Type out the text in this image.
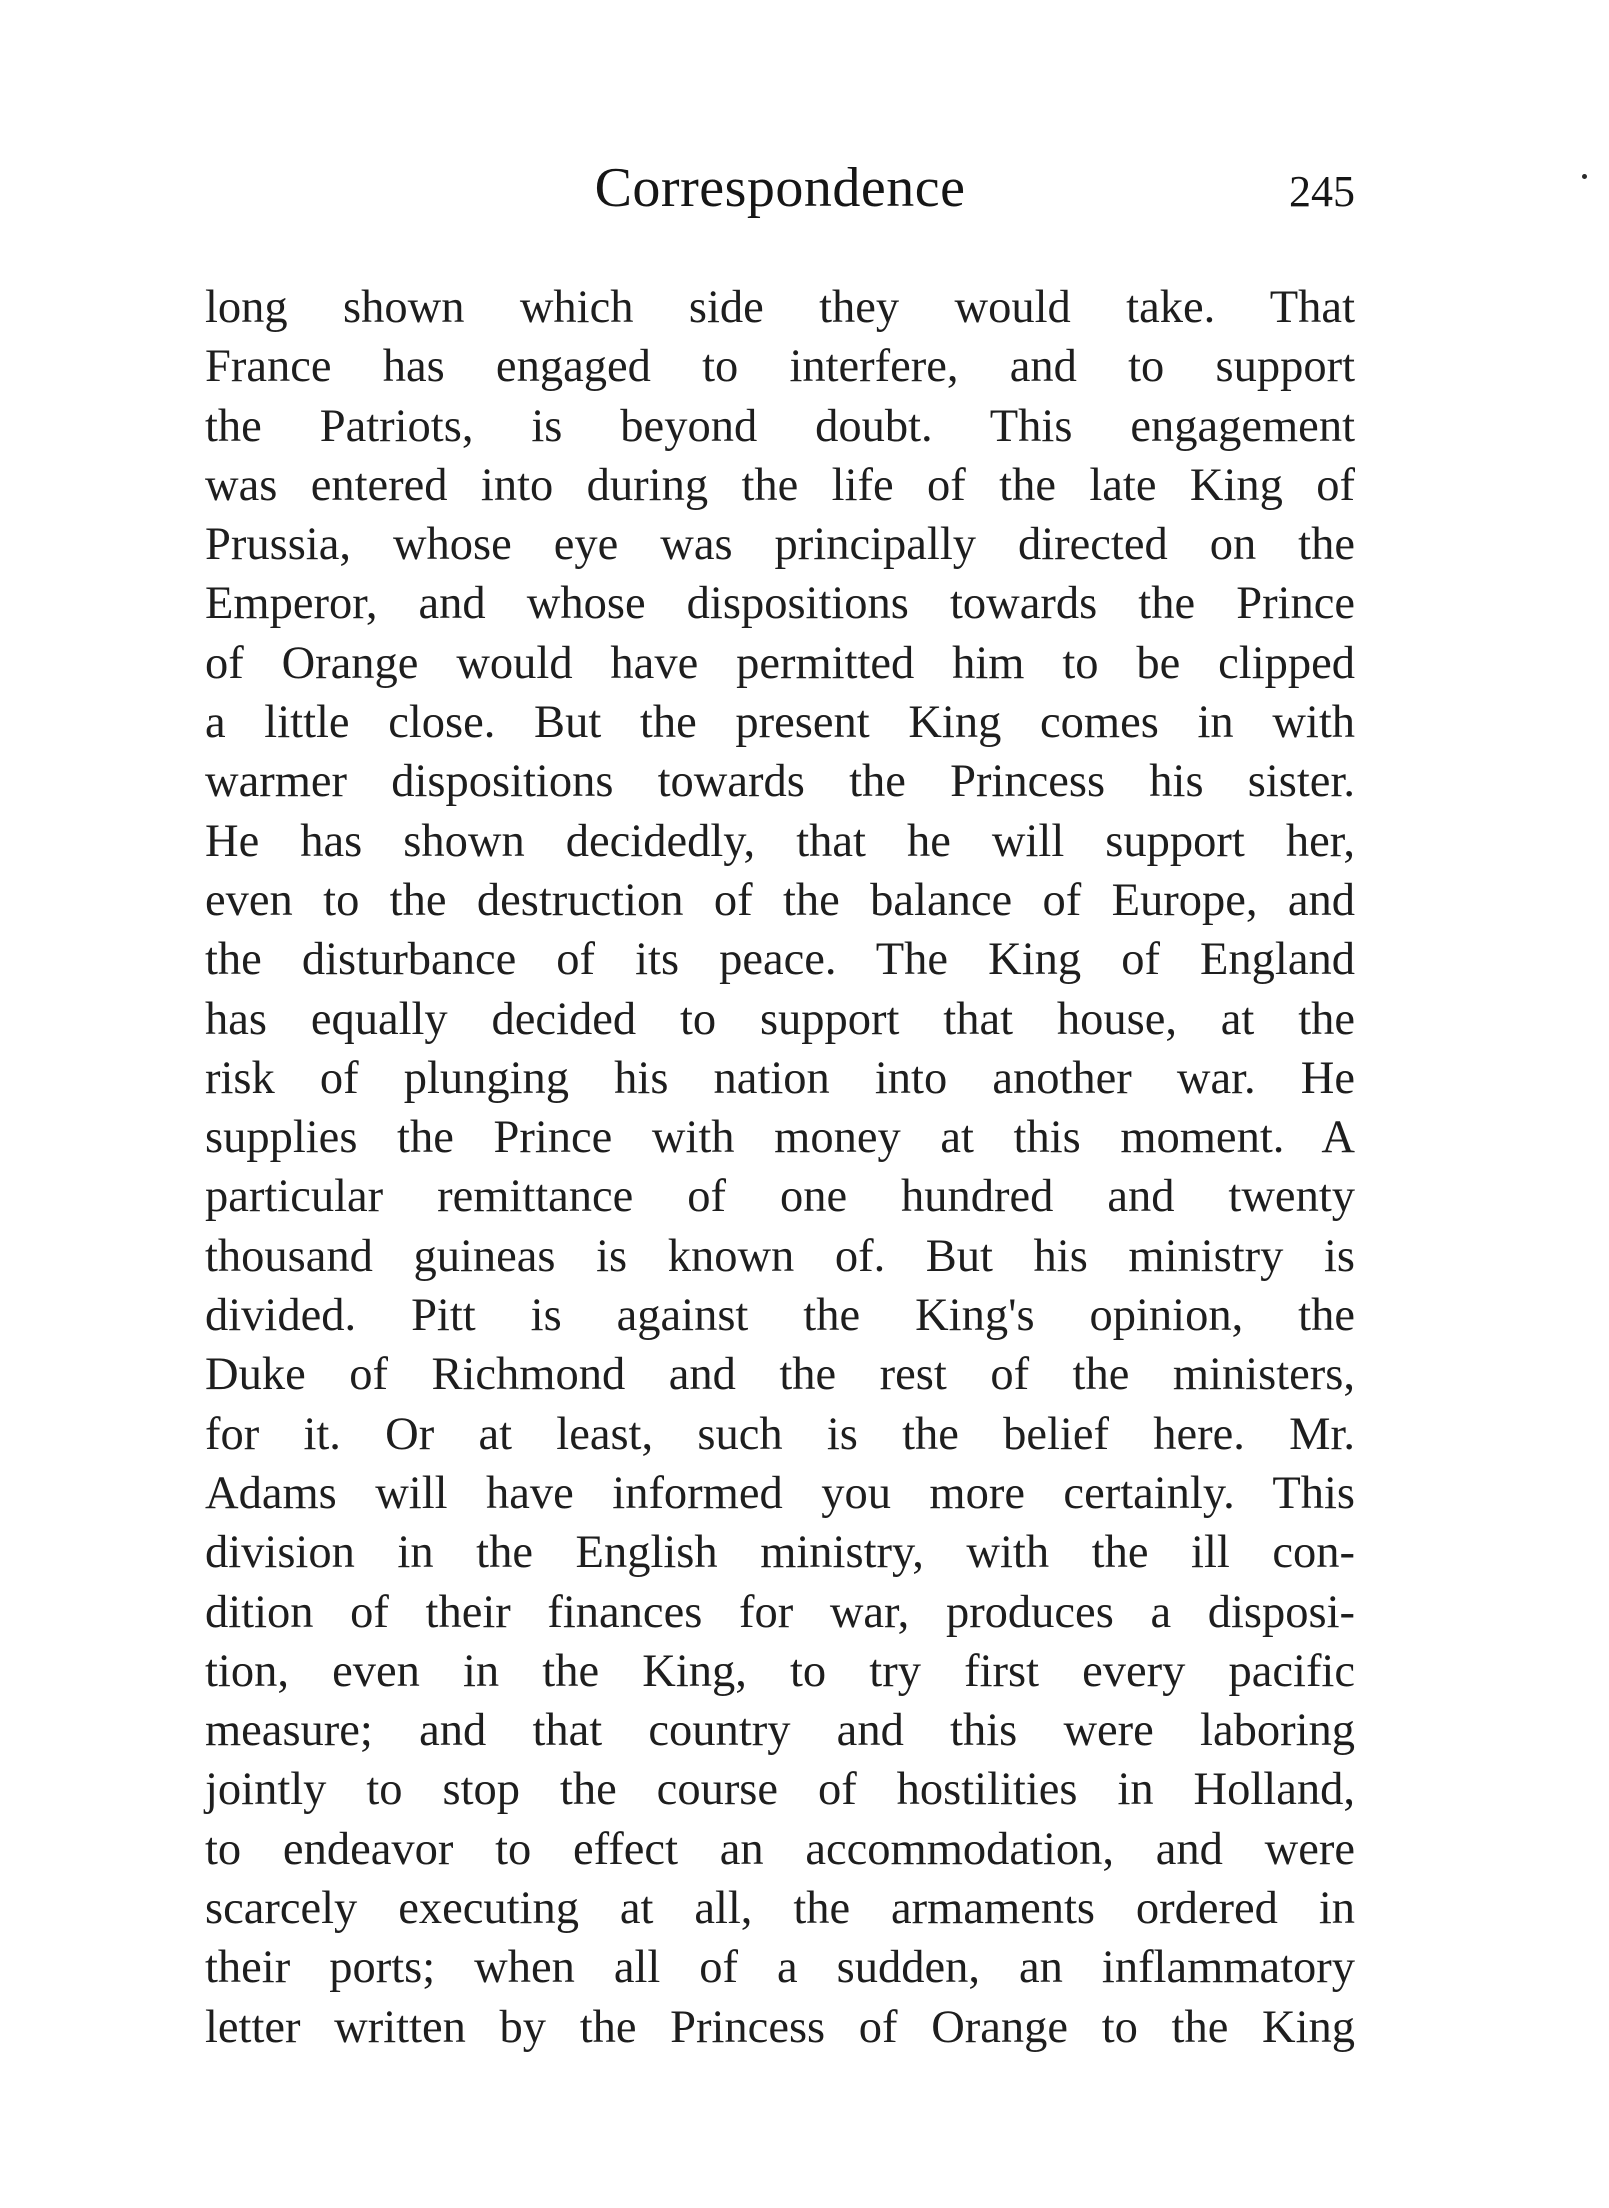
Correspondence	245

long shown which side they would take. That
France has engaged to interfere, and to support
the Patriots, is beyond doubt. This engagement
was entered into during the life of the late King of
Prussia, whose eye was principally directed on the
Emperor, and whose dispositions towards the Prince
of Orange would have permitted him to be clipped
a little close. But the present King comes in with
warmer dispositions towards the Princess his sister.
He has shown decidedly, that he will support her,
even to the destruction of the balance of Europe, and
the disturbance of its peace. The King of England
has equally decided to support that house, at the
risk of plunging his nation into another war. He
supplies the Prince with money at this moment. A
particular remittance of one hundred and twenty
thousand guineas is known of. But his ministry is
divided. Pitt is against the King's opinion, the
Duke of Richmond and the rest of the ministers,
for it. Or at least, such is the belief here. Mr.
Adams will have informed you more certainly. This
division in the English ministry, with the ill con-
dition of their finances for war, produces a disposi-
tion, even in the King, to try first every pacific
measure; and that country and this were laboring
jointly to stop the course of hostilities in Holland,
to endeavor to effect an accommodation, and were
scarcely executing at all, the armaments ordered in
their ports; when all of a sudden, an inflammatory
letter written by the Princess of Orange to the King
